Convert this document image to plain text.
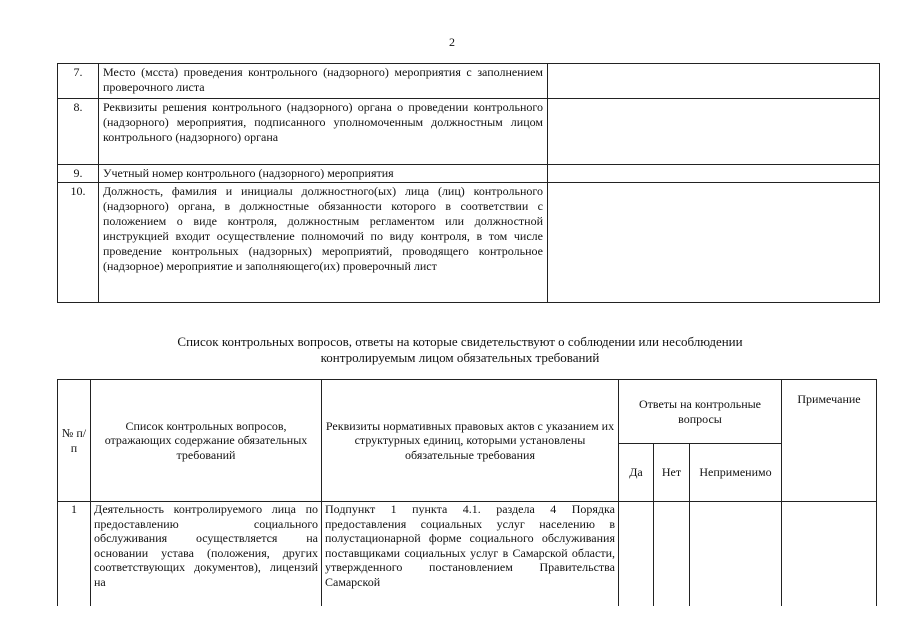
2
7.	Место (мсста) проведения контрольного (надзорного) мероприятия с заполнением проверочного листа	
8.	Реквизиты решения контрольного (надзорного) органа о проведении контрольного (надзорного) мероприятия, подписанного уполномоченным должностным лицом контрольного (надзорного) органа	
9.	Учетный номер контрольного (надзорного) мероприятия	
10.	Должность, фамилия и инициалы должностного(ых) лица (лиц) контрольного (надзорного) органа, в должностные обязанности которого в соответствии с положением о виде контроля, должностным регламентом или должностной инструкцией входит осуществление полномочий по виду контроля, в том числе проведение контрольных (надзорных) мероприятий, проводящего контрольное (надзорное) мероприятие и заполняющего(их) проверочный лист	
Список контрольных вопросов, ответы на которые свидетельствуют о соблюдении или несоблюдении
контролируемым лицом обязательных требований
№ п/п	Список контрольных вопросов, отражающих содержание обязательных требований	Реквизиты нормативных правовых актов с указанием их структурных единиц, которыми установлены обязательные требования	Ответы на контрольные вопросы			Примечание
			Да	Нет	Неприменимо	
1	Деятельность контролируемого лица по предоставлению социального обслуживания осуществляется на основании устава (положения, других соответствующих документов), лицензий на	Подпункт 1 пункта 4.1. раздела 4 Порядка предоставления социальных услуг населению в полустационарной форме социального обслуживания поставщиками социальных услуг в Самарской области, утвержденного постановлением Правительства Самарской				
